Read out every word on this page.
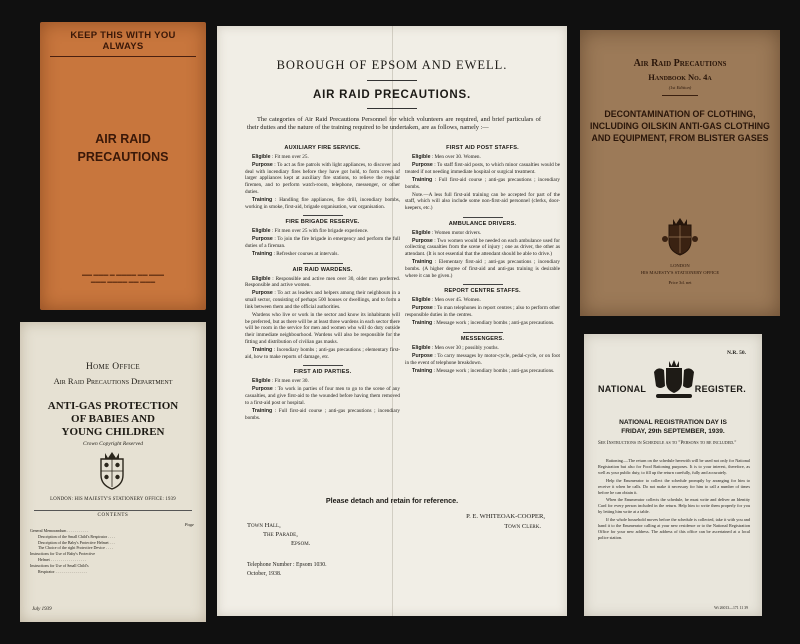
KEEP THIS WITH YOU ALWAYS
AIR RAID
PRECAUTIONS
▬▬ ▬▬▬ ▬ ▬▬▬▬ ▬▬ ▬▬▬
▬▬▬ ▬▬▬▬ ▬▬ ▬▬▬
Home Office
Air Raid Precautions Department
ANTI-GAS PROTECTION
OF BABIES AND
YOUNG CHILDREN
Crown Copyright Reserved
LONDON: HIS MAJESTY'S STATIONERY OFFICE: 1939
CONTENTS
Page
General Memorandum . . . . . . . . . . .
Description of the Small Child's Respirator . . . .
Description of the Baby's Protective Helmet . . .
The Choice of the right Protective Device . . . .
Instructions for Use of Baby's Protective
Helmet . . . . . . . . . . . . . . . . . .
Instructions for Use of Small Child's
Respirator . . . . . . . . . . . . . . . .
July 1939
BOROUGH OF EPSOM AND EWELL.
AIR RAID PRECAUTIONS.
The categories of Air Raid Precautions Personnel for which volunteers are required, and brief particulars of their duties and the nature of the training required to be undertaken, are as follows, namely :—
AUXILIARY FIRE SERVICE.
Eligible : Fit men over 25.
Purpose : To act as fire patrols with light appliances, to discover and deal with incendiary fires before they have got hold, to form crews of larger appliances kept at auxiliary fire stations, to relieve the regular firemen, and to perform watch-room, telephone, messenger, or other duties.
Training : Handling fire appliances, fire drill, incendiary bombs, working in smoke, first-aid, brigade organisation, war organisation.
FIRE BRIGADE RESERVE.
Eligible : Fit men over 25 with fire brigade experience.
Purpose : To join the fire brigade in emergency and perform the full duties of a fireman.
Training : Refresher courses at intervals.
AIR RAID WARDENS.
Eligible : Responsible and active men over 30, older men preferred. Responsible and active women.
Purpose : To act as leaders and helpers among their neighbours in a small sector, consisting of perhaps 500 houses or dwellings, and to form a link between them and the official authorities.
Wardens who live or work in the sector and know its inhabitants will be preferred, but as there will be at least three wardens in each sector there will be room in the service for men and women who will do duty outside their immediate neighbourhood. Wardens will also be responsible for the fitting and distribution of civilian gas masks.
Training : Incendiary bombs ; anti-gas precautions ; elementary first-aid, how to make reports of damage, etc.
FIRST AID PARTIES.
Eligible : Fit men over 30.
Purpose : To work in parties of four men to go to the scene of any casualties, and give first-aid to the wounded before having them removed to a first-aid post or hospital.
Training : Full first-aid course ; anti-gas precautions ; incendiary bombs.
FIRST AID POST STAFFS.
Eligible : Men over 30. Women.
Purpose : To staff first-aid posts, to which minor casualties would be treated if not needing immediate hospital or surgical treatment.
Training : Full first-aid course ; anti-gas precautions ; incendiary bombs.
Note.—A less full first-aid training can be accepted for part of the staff, which will also include some non-first-aid personnel (clerks, door-keepers, etc.)
AMBULANCE DRIVERS.
Eligible : Women motor drivers.
Purpose : Two women would be needed on each ambulance used for collecting casualties from the scene of injury ; one as driver, the other as attendant. (It is not essential that the attendant should be able to drive.)
Training : Elementary first-aid ; anti-gas precautions ; incendiary bombs. (A higher degree of first-aid and anti-gas training is desirable where it can be given.)
REPORT CENTRE STAFFS.
Eligible : Men over 45. Women.
Purpose : To man telephones in report centres ; also to perform other responsible duties in the centres.
Training : Message work ; incendiary bombs ; anti-gas precautions.
MESSENGERS.
Eligible : Men over 30 ; possibly youths.
Purpose : To carry messages by motor-cycle, pedal-cycle, or on foot in the event of telephone breakdown.
Training : Message work ; incendiary bombs ; anti-gas precautions.
Please detach and retain for reference.
Town Hall,
The Parade,
Epsom.
Telephone Number : Epsom 1030.
October, 1938.
P. E. WHITEOAK-COOPER,
Town Clerk.
Air Raid Precautions
Handbook No. 4a
(1st Edition)
DECONTAMINATION OF CLOTHING, INCLUDING OILSKIN ANTI-GAS CLOTHING AND EQUIPMENT, FROM BLISTER GASES
LONDON
HIS MAJESTY'S STATIONERY OFFICE
Price 3d. net
N.R. 50.
NATIONAL	REGISTER.
NATIONAL REGISTRATION DAY IS
FRIDAY, 29th SEPTEMBER, 1939.
See Instructions in Schedule as to "Persons to be included."
Rationing.—The return on the schedule herewith will be used not only for National Registration but also for Food Rationing purposes. It is to your interest, therefore, as well as your public duty, to fill up the return carefully, fully and accurately.
Help the Enumerator to collect the schedule promptly by arranging for him to receive it when he calls. Do not make it necessary for him to call a number of times before he can obtain it.
When the Enumerator collects the schedule, he must write and deliver an Identity Card for every person included in the return. Help him to write them properly for you by letting him write at a table.
If the whole household moves before the schedule is collected, take it with you and hand it to the Enumerator calling at your new residence or to the National Registration Office for your new address. The address of this office can be ascertained at a local police station.
Wt 26013—171 11 39
